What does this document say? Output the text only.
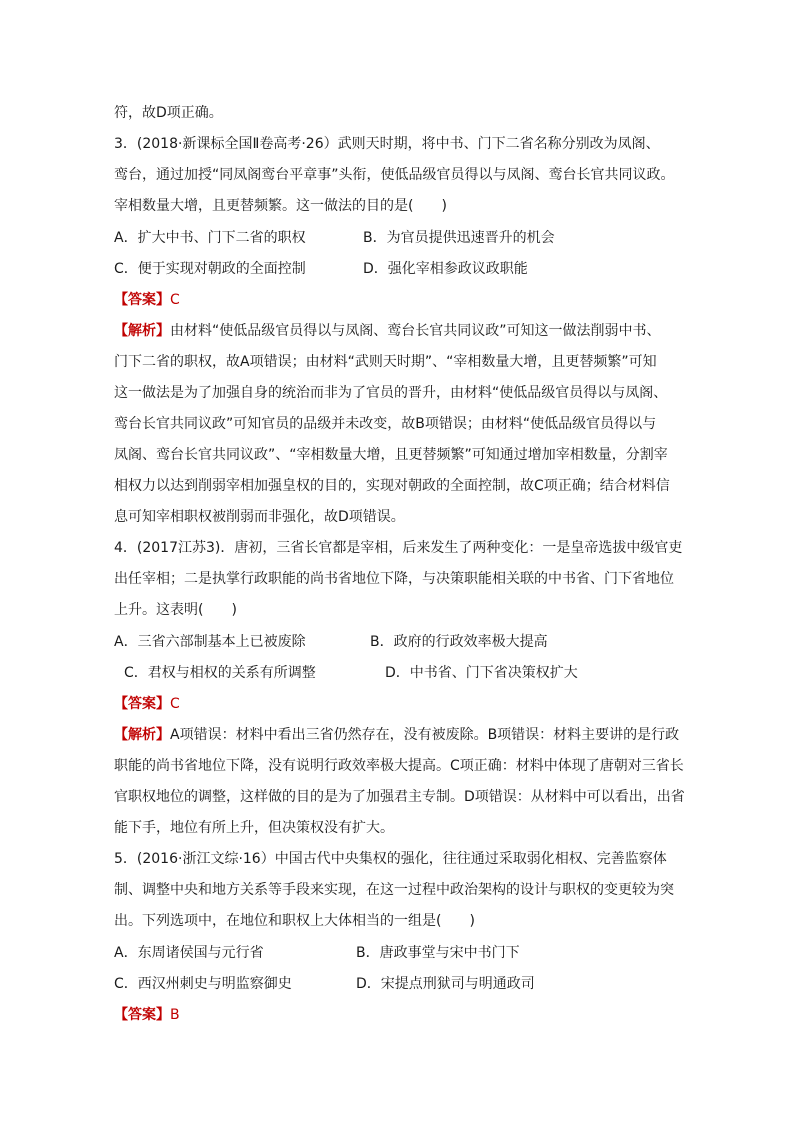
符，故D项正确。
3．(2018·新课标全国Ⅱ卷高考·26）武则天时期，将中书、门下二省名称分别改为凤阁、
鸾台，通过加授“同凤阁鸾台平章事”头衔，使低品级官员得以与凤阁、鸾台长官共同议政。
宰相数量大增，且更替频繁。这一做法的目的是(　　)
A．扩大中书、门下二省的职权	B．为官员提供迅速晋升的机会
C．便于实现对朝政的全面控制	D．强化宰相参政议政职能
【答案】C
【解析】由材料“使低品级官员得以与凤阁、鸾台长官共同议政”可知这一做法削弱中书、
门下二省的职权，故A项错误；由材料“武则天时期”、“宰相数量大增，且更替频繁”可知
这一做法是为了加强自身的统治而非为了官员的晋升，由材料“使低品级官员得以与凤阁、
鸾台长官共同议政”可知官员的品级并未改变，故B项错误；由材料“使低品级官员得以与
凤阁、鸾台长官共同议政”、“宰相数量大增，且更替频繁”可知通过增加宰相数量，分割宰
相权力以达到削弱宰相加强皇权的目的，实现对朝政的全面控制，故C项正确；结合材料信
息可知宰相职权被削弱而非强化，故D项错误。
4．(2017江苏3)．唐初，三省长官都是宰相，后来发生了两种变化：一是皇帝选拔中级官吏
出任宰相；二是执掌行政职能的尚书省地位下降，与决策职能相关联的中书省、门下省地位
上升。这表明(　　)
A．三省六部制基本上已被废除	B．政府的行政效率极大提高
C．君权与相权的关系有所调整	D．中书省、门下省决策权扩大
【答案】C
【解析】A项错误：材料中看出三省仍然存在，没有被废除。B项错误：材料主要讲的是行政
职能的尚书省地位下降，没有说明行政效率极大提高。C项正确：材料中体现了唐朝对三省长
官职权地位的调整，这样做的目的是为了加强君主专制。D项错误：从材料中可以看出，出省
能下手，地位有所上升，但决策权没有扩大。
5．(2016·浙江文综·16）中国古代中央集权的强化，往往通过采取弱化相权、完善监察体
制、调整中央和地方关系等手段来实现，在这一过程中政治架构的设计与职权的变更较为突
出。下列选项中，在地位和职权上大体相当的一组是(　　)
A．东周诸侯国与元行省	B．唐政事堂与宋中书门下
C．西汉州刺史与明监察御史	D．宋提点刑狱司与明通政司
【答案】B
